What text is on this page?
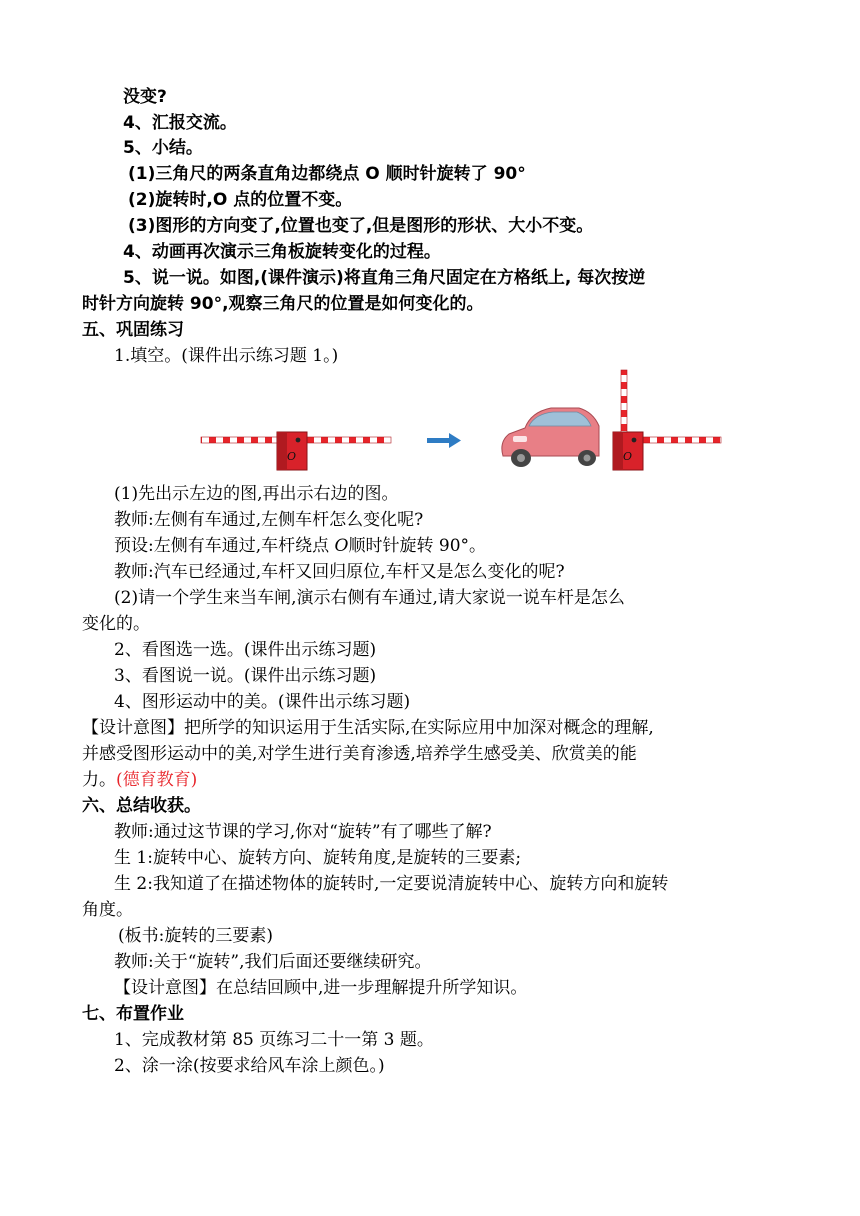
没变?
4、汇报交流。
5、小结。
(1)三角尺的两条直角边都绕点 O 顺时针旋转了 90°
(2)旋转时,O 点的位置不变。
(3)图形的方向变了,位置也变了,但是图形的形状、大小不变。
4、动画再次演示三角板旋转变化的过程。
5、说一说。如图,(课件演示)将直角三角尺固定在方格纸上, 每次按逆
时针方向旋转 90°,观察三角尺的位置是如何变化的。
五、巩固练习
1.填空。(课件出示练习题 1。)
O	O
(1)先出示左边的图,再出示右边的图。
教师:左侧有车通过,左侧车杆怎么变化呢?
预设:左侧有车通过,车杆绕点 O顺时针旋转 90°。
教师:汽车已经通过,车杆又回归原位,车杆又是怎么变化的呢?
(2)请一个学生来当车闸,演示右侧有车通过,请大家说一说车杆是怎么
变化的。
2、看图选一选。(课件出示练习题)
3、看图说一说。(课件出示练习题)
4、图形运动中的美。(课件出示练习题)
【设计意图】把所学的知识运用于生活实际,在实际应用中加深对概念的理解,
并感受图形运动中的美,对学生进行美育渗透,培养学生感受美、欣赏美的能
力。(德育教育)
六、总结收获。
教师:通过这节课的学习,你对“旋转”有了哪些了解?
生 1:旋转中心、旋转方向、旋转角度,是旋转的三要素;
生 2:我知道了在描述物体的旋转时,一定要说清旋转中心、旋转方向和旋转
角度。
(板书:旋转的三要素)
教师:关于“旋转”,我们后面还要继续研究。
【设计意图】在总结回顾中,进一步理解提升所学知识。
七、布置作业
1、完成教材第 85 页练习二十一第 3 题。
2、涂一涂(按要求给风车涂上颜色。)
